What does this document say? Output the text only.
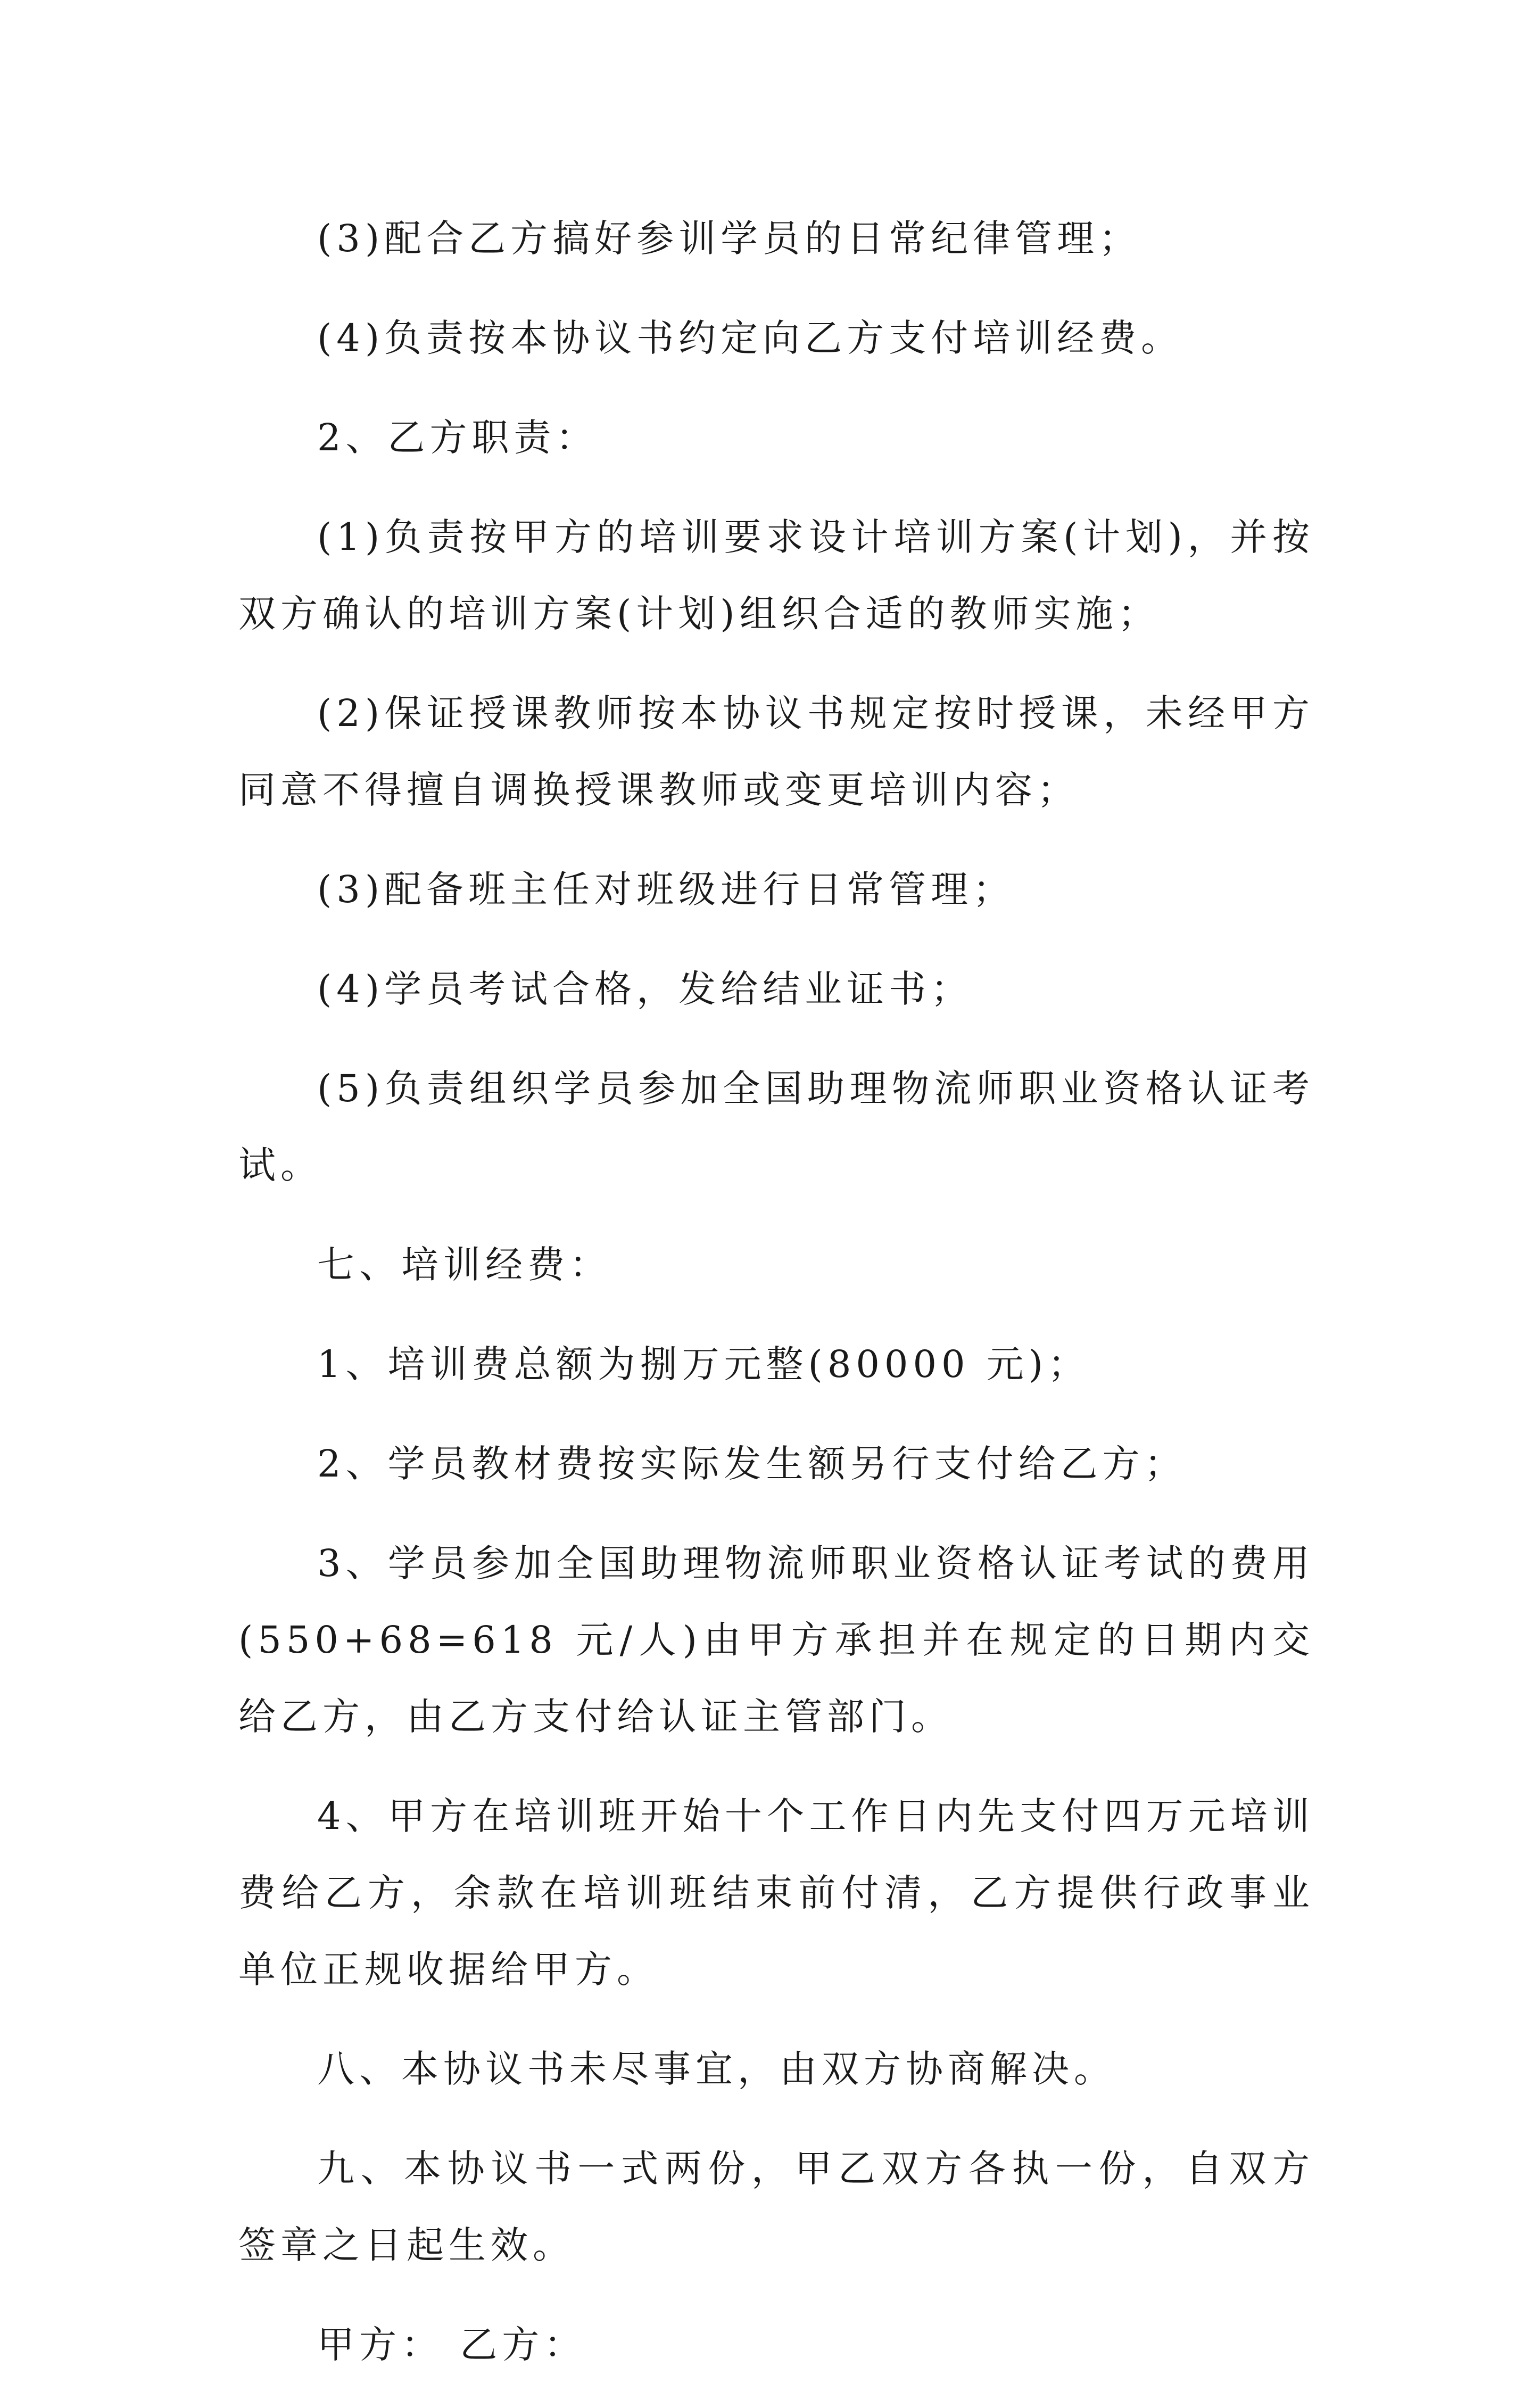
(3)配合乙方搞好参训学员的日常纪律管理；

(4)负责按本协议书约定向乙方支付培训经费。

2、乙方职责：

(1)负责按甲方的培训要求设计培训方案(计划)，并按双方确认的培训方案(计划)组织合适的教师实施；

(2)保证授课教师按本协议书规定按时授课，未经甲方同意不得擅自调换授课教师或变更培训内容；

(3)配备班主任对班级进行日常管理；

(4)学员考试合格，发给结业证书；

(5)负责组织学员参加全国助理物流师职业资格认证考试。

七、培训经费：

1、培训费总额为捌万元整(80000 元)；

2、学员教材费按实际发生额另行支付给乙方；

3、学员参加全国助理物流师职业资格认证考试的费用(550+68=618 元/人)由甲方承担并在规定的日期内交给乙方，由乙方支付给认证主管部门。

4、甲方在培训班开始十个工作日内先支付四万元培训费给乙方，余款在培训班结束前付清，乙方提供行政事业单位正规收据给甲方。

八、本协议书未尽事宜，由双方协商解决。

九、本协议书一式两份，甲乙双方各执一份，自双方签章之日起生效。

甲方： 乙方：
